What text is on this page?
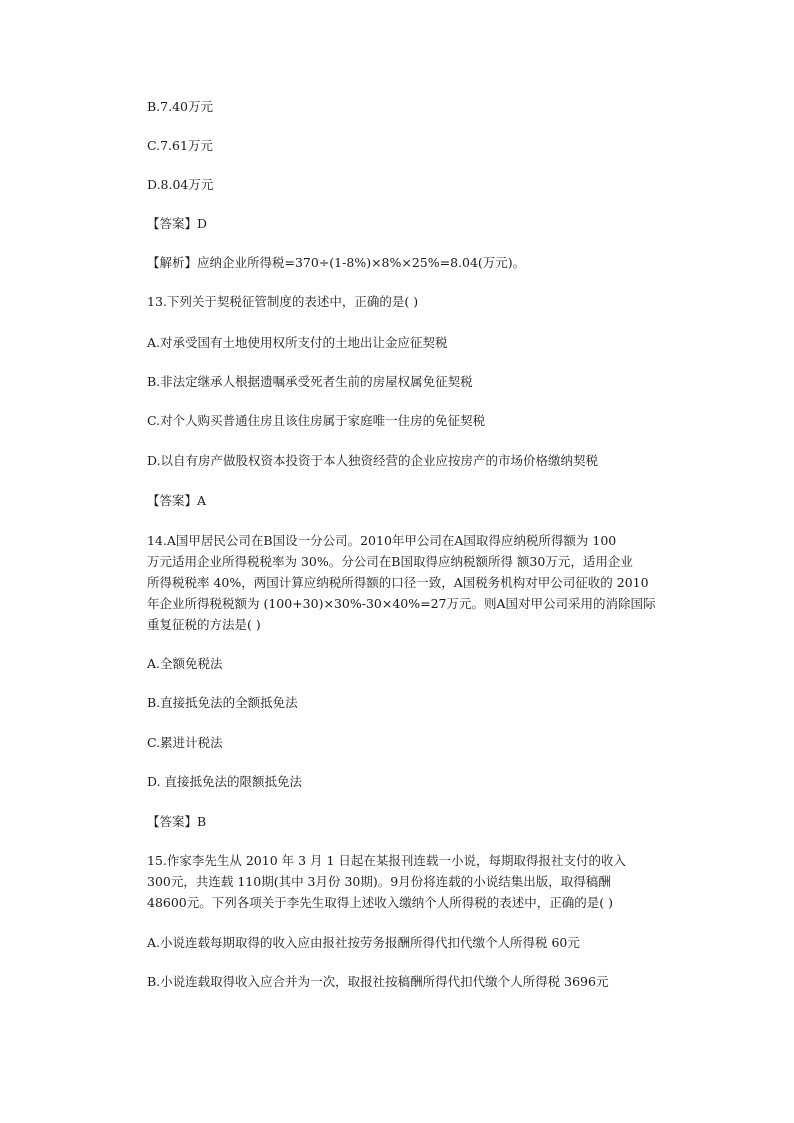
B.7.40万元
C.7.61万元
D.8.04万元
【答案】D
【解析】应纳企业所得税=370÷(1-8%)×8%×25%=8.04(万元)。
13.下列关于契税征管制度的表述中，正确的是( )
A.对承受国有土地使用权所支付的土地出让金应征契税
B.非法定继承人根据遗嘱承受死者生前的房屋权属免征契税
C.对个人购买普通住房且该住房属于家庭唯一住房的免征契税
D.以自有房产做股权资本投资于本人独资经营的企业应按房产的市场价格缴纳契税
【答案】A
14.A国甲居民公司在B国设一分公司。2010年甲公司在A国取得应纳税所得额为 100
万元适用企业所得税税率为 30%。分公司在B国取得应纳税额所得 额30万元，适用企业
所得税税率 40%，两国计算应纳税所得额的口径一致，A国税务机构对甲公司征收的 2010
年企业所得税税额为 (100+30)×30%-30×40%=27万元。则A国对甲公司采用的消除国际
重复征税的方法是( )
A.全额免税法
B.直接抵免法的全额抵免法
C.累进计税法
D. 直接抵免法的限额抵免法
【答案】B
15.作家李先生从 2010 年 3 月 1 日起在某报刊连载一小说，每期取得报社支付的收入
300元，共连载 110期(其中 3月份 30期)。9月份将连载的小说结集出版，取得稿酬
48600元。下列各项关于李先生取得上述收入缴纳个人所得税的表述中，正确的是( )
A.小说连载每期取得的收入应由报社按劳务报酬所得代扣代缴个人所得税 60元
B.小说连载取得收入应合并为一次，取报社按稿酬所得代扣代缴个人所得税 3696元
